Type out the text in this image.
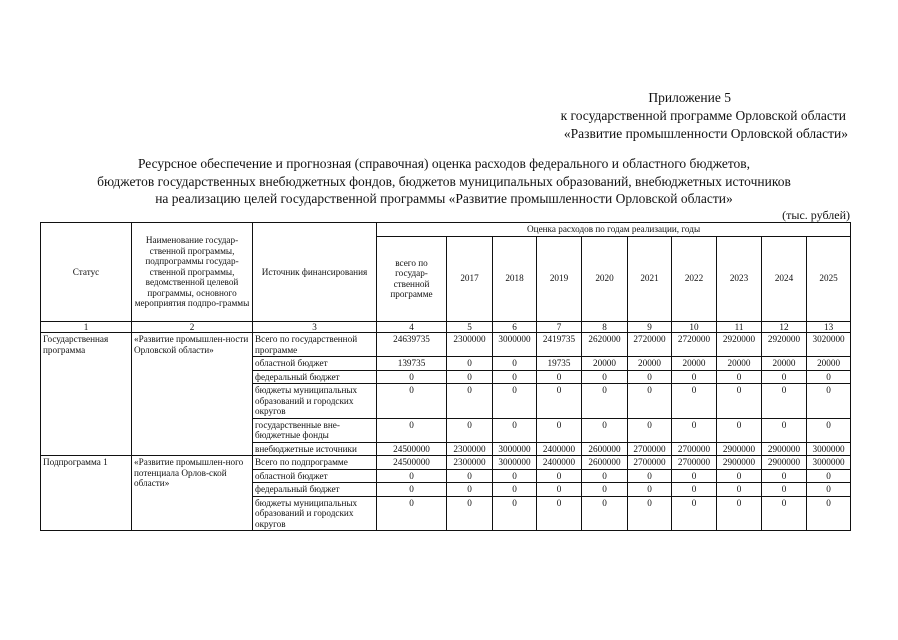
Приложение 5
к государственной программе Орловской области
«Развитие промышленности Орловской области»
Ресурсное обеспечение и прогнозная (справочная) оценка расходов федерального и областного бюджетов,
бюджетов государственных внебюджетных фондов, бюджетов муниципальных образований, внебюджетных источников
на реализацию целей государственной программы «Развитие промышленности Орловской области»
(тыс. рублей)
Статус	Наименование государ-ственной программы, подпрограммы государ-ственной программы, ведомственной целевой программы, основного мероприятия подпро-граммы	Источник финансирования	Оценка расходов по годам реализации, годы									
			всего по государ-ственной программе	2017	2018	2019	2020	2021	2022	2023	2024	2025
1	2	3	4	5	6	7	8	9	10	11	12	13
Государственная программа	«Развитие промышлен-ности Орловской области»	Всего по государственной программе	24639735	2300000	3000000	2419735	2620000	2720000	2720000	2920000	2920000	3020000
		областной бюджет	139735	0	0	19735	20000	20000	20000	20000	20000	20000
		федеральный бюджет	0	0	0	0	0	0	0	0	0	0
		бюджеты муниципальных образований и городских округов	0	0	0	0	0	0	0	0	0	0
		государственные вне-бюджетные фонды	0	0	0	0	0	0	0	0	0	0
		внебюджетные источники	24500000	2300000	3000000	2400000	2600000	2700000	2700000	2900000	2900000	3000000
Подпрограмма 1	«Развитие промышлен-ного потенциала Орлов-ской области»	Всего по подпрограмме	24500000	2300000	3000000	2400000	2600000	2700000	2700000	2900000	2900000	3000000
		областной бюджет	0	0	0	0	0	0	0	0	0	0
		федеральный бюджет	0	0	0	0	0	0	0	0	0	0
		бюджеты муниципальных образований и городских округов	0	0	0	0	0	0	0	0	0	0
